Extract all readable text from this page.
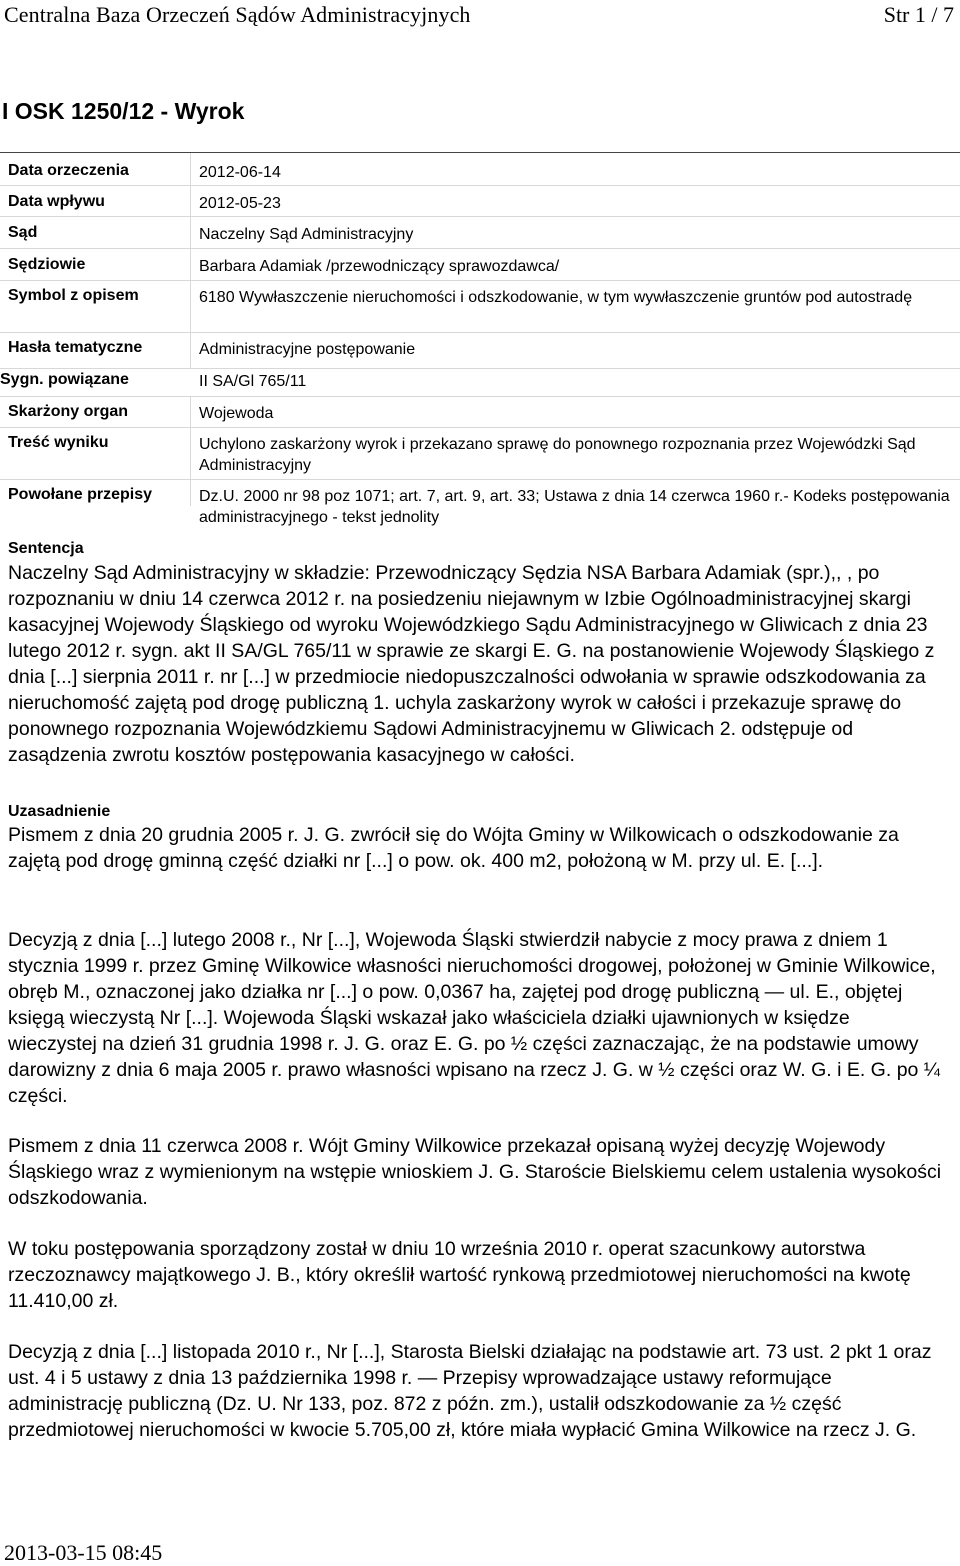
Centralna Baza Orzeczeń Sądów Administracyjnych	Str 1 / 7
I OSK 1250/12 - Wyrok
Data orzeczenia	2012-06-14
Data wpływu	2012-05-23
Sąd	Naczelny Sąd Administracyjny
Sędziowie	Barbara Adamiak /przewodniczący sprawozdawca/
Symbol z opisem	6180 Wywłaszczenie nieruchomości i odszkodowanie, w tym wywłaszczenie gruntów pod autostradę
Hasła tematyczne	Administracyjne postępowanie
Sygn. powiązane	II SA/Gl 765/11
Skarżony organ	Wojewoda
Treść wyniku	Uchylono zaskarżony wyrok i przekazano sprawę do ponownego rozpoznania przez Wojewódzki Sąd Administracyjny
Powołane przepisy	Dz.U. 2000 nr 98 poz 1071; art. 7, art. 9, art. 33; Ustawa z dnia 14 czerwca 1960 r.- Kodeks postępowania administracyjnego - tekst jednolity
Sentencja

Naczelny Sąd Administracyjny w składzie: Przewodniczący Sędzia NSA Barbara Adamiak (spr.),, , po rozpoznaniu w dniu 14 czerwca 2012 r. na posiedzeniu niejawnym w Izbie Ogólnoadministracyjnej skargi kasacyjnej Wojewody Śląskiego od wyroku Wojewódzkiego Sądu Administracyjnego w Gliwicach z dnia 23 lutego 2012 r. sygn. akt II SA/GL 765/11 w sprawie ze skargi E. G. na postanowienie Wojewody Śląskiego z dnia [...] sierpnia 2011 r. nr [...] w przedmiocie niedopuszczalności odwołania w sprawie odszkodowania za nieruchomość zajętą pod drogę publiczną 1. uchyla zaskarżony wyrok w całości i przekazuje sprawę do ponownego rozpoznania Wojewódzkiemu Sądowi Administracyjnemu w Gliwicach 2. odstępuje od zasądzenia zwrotu kosztów postępowania kasacyjnego w całości.

Uzasadnienie

Pismem z dnia 20 grudnia 2005 r. J. G. zwrócił się do Wójta Gminy w Wilkowicach o odszkodowanie za zajętą pod drogę gminną część działki nr [...] o pow. ok. 400 m2, położoną w M. przy ul. E. [...].

Decyzją z dnia [...] lutego 2008 r., Nr [...], Wojewoda Śląski stwierdził nabycie z mocy prawa z dniem 1 stycznia 1999 r. przez Gminę Wilkowice własności nieruchomości drogowej, położonej w Gminie Wilkowice, obręb M., oznaczonej jako działka nr [...] o pow. 0,0367 ha, zajętej pod drogę publiczną — ul. E., objętej księgą wieczystą Nr [...]. Wojewoda Śląski wskazał jako właściciela działki ujawnionych w księdze wieczystej na dzień 31 grudnia 1998 r. J. G. oraz E. G. po ½ części zaznaczając, że na podstawie umowy darowizny z dnia 6 maja 2005 r. prawo własności wpisano na rzecz J. G. w ½ części oraz W. G. i E. G. po ¼ części.

Pismem z dnia 11 czerwca 2008 r. Wójt Gminy Wilkowice przekazał opisaną wyżej decyzję Wojewody Śląskiego wraz z wymienionym na wstępie wnioskiem J. G. Staroście Bielskiemu celem ustalenia wysokości odszkodowania.

W toku postępowania sporządzony został w dniu 10 września 2010 r. operat szacunkowy autorstwa rzeczoznawcy majątkowego J. B., który określił wartość rynkową przedmiotowej nieruchomości na kwotę 11.410,00 zł.

Decyzją z dnia [...] listopada 2010 r., Nr [...], Starosta Bielski działając na podstawie art. 73 ust. 2 pkt 1 oraz ust. 4 i 5 ustawy z dnia 13 października 1998 r. — Przepisy wprowadzające ustawy reformujące administrację publiczną (Dz. U. Nr 133, poz. 872 z późn. zm.), ustalił odszkodowanie za ½ część przedmiotowej nieruchomości w kwocie 5.705,00 zł, które miała wypłacić Gmina Wilkowice na rzecz J. G.

2013-03-15 08:45
